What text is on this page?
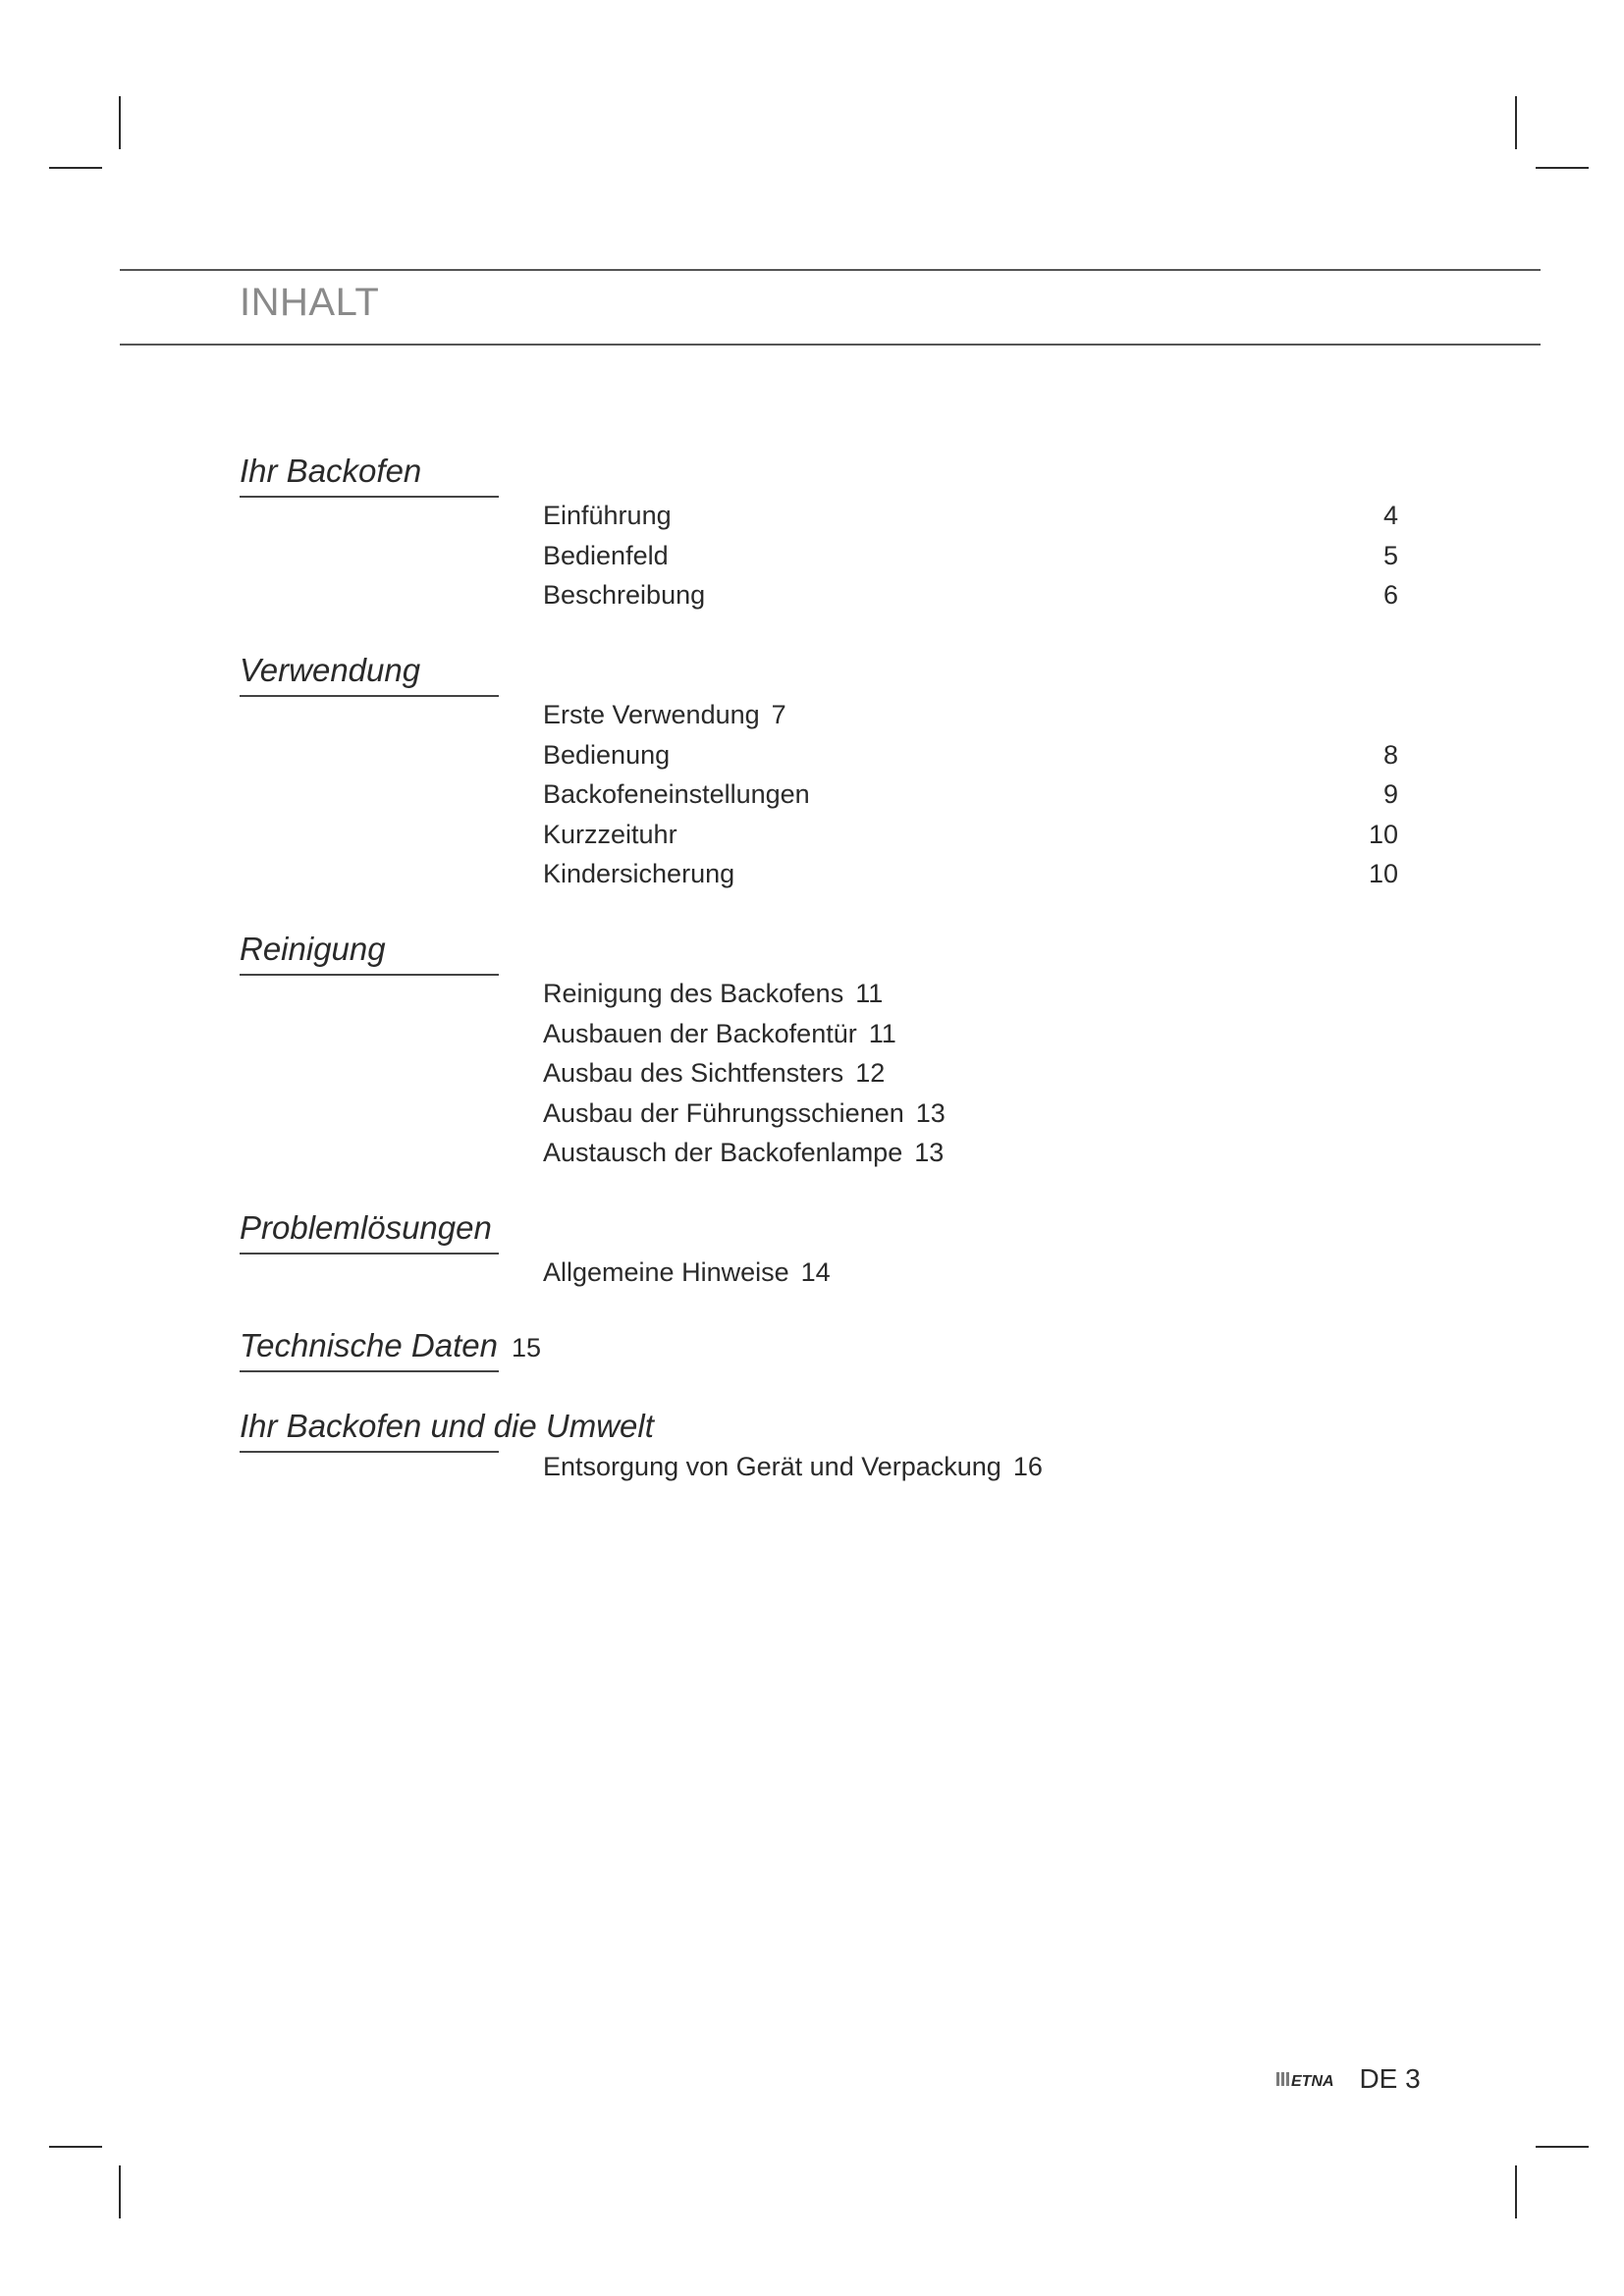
INHALT
Ihr Backofen
Einführung	4
Bedienfeld	5
Beschreibung	6
Verwendung
Erste Verwendung 7
Bedienung	8
Backofeneinstellungen	9
Kurzzeituhr	10
Kindersicherung	10
Reinigung
Reinigung des Backofens 11
Ausbauen der Backofentür 11
Ausbau des Sichtfensters 12
Ausbau der Führungsschienen 13
Austausch der Backofenlampe 13
Problemlösungen
Allgemeine Hinweise 14
Technische Daten 15
Ihr Backofen und die Umwelt
Entsorgung von Gerät und Verpackung 16
ETNA DE 3
